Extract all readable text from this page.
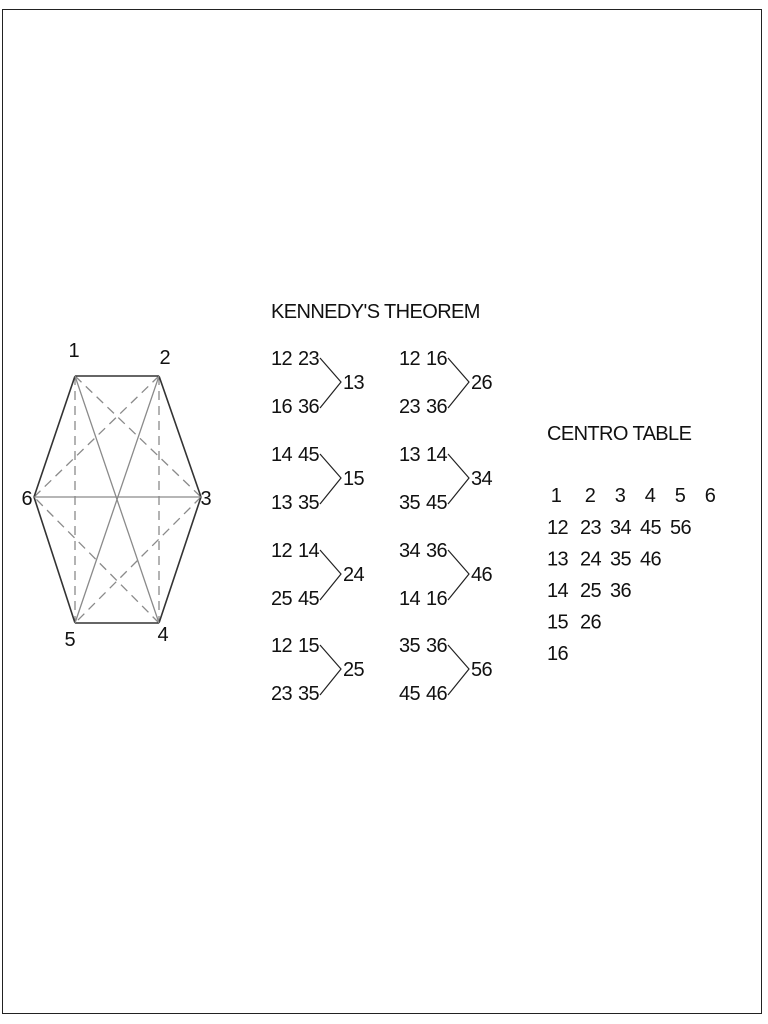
1	2
3
4
5
6
KENNEDY'S THEOREM
12 23
16 36
13
14 45
13 35
15
12 14
25 45
24
12 15
23 35
25
12 16
23 36
26
13 14
35 45
34
34 36
14 16
46
35 36
45 46
56
CENTRO TABLE
1 2 3 4 5 6
12 23 34 45 56
13 24 35 46
14 25 36
15 26
16
